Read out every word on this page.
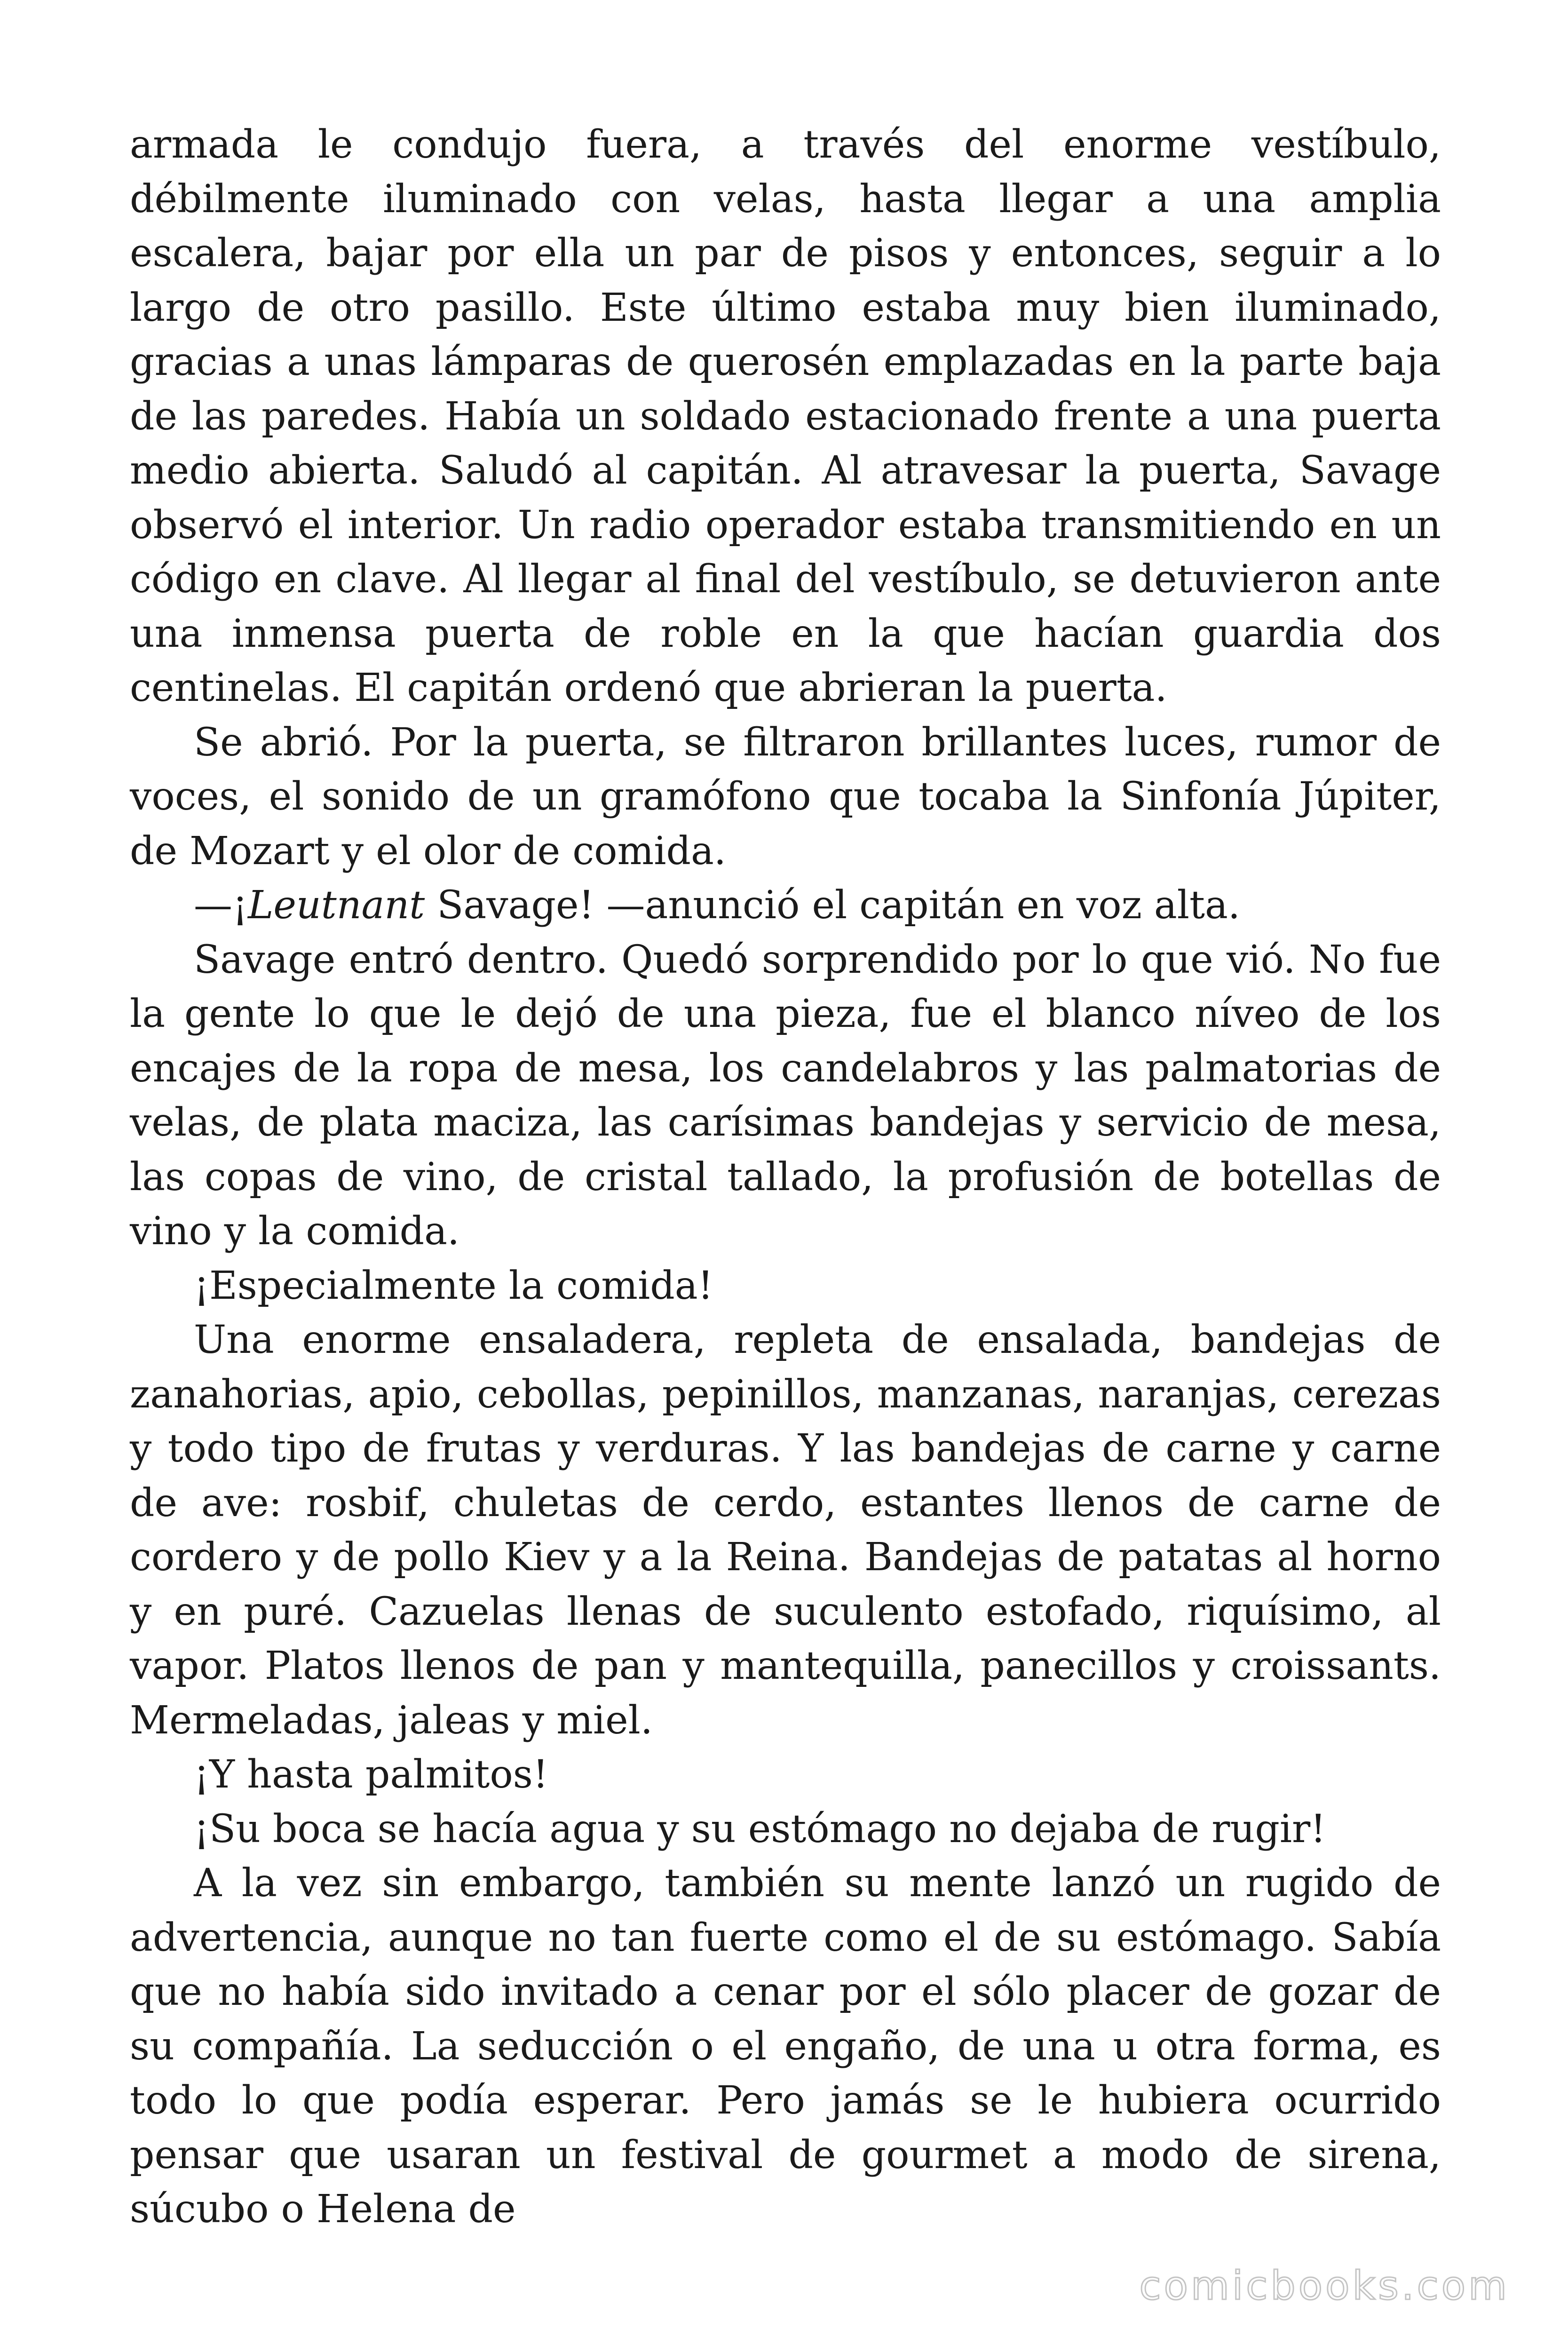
armada le condujo fuera, a través del enorme vestíbulo, débilmente iluminado con velas, hasta llegar a una amplia escalera, bajar por ella un par de pisos y entonces, seguir a lo largo de otro pasillo. Este último estaba muy bien iluminado, gracias a unas lámparas de querosén emplazadas en la parte baja de las paredes. Había un soldado estacionado frente a una puerta medio abierta. Saludó al capitán. Al atravesar la puerta, Savage observó el interior. Un radio operador estaba transmitiendo en un código en clave. Al llegar al final del vestíbulo, se detuvieron ante una inmensa puerta de roble en la que hacían guardia dos centinelas. El capitán ordenó que abrieran la puerta.

Se abrió. Por la puerta, se filtraron brillantes luces, rumor de voces, el sonido de un gramófono que tocaba la Sinfonía Júpiter, de Mozart y el olor de comida.

—¡Leutnant Savage! —anunció el capitán en voz alta.

Savage entró dentro. Quedó sorprendido por lo que vió. No fue la gente lo que le dejó de una pieza, fue el blanco níveo de los encajes de la ropa de mesa, los candelabros y las palmatorias de velas, de plata maciza, las carísimas bandejas y servicio de mesa, las copas de vino, de cristal tallado, la profusión de botellas de vino y la comida.

¡Especialmente la comida!

Una enorme ensaladera, repleta de ensalada, bandejas de zanahorias, apio, cebollas, pepinillos, manzanas, naranjas, cerezas y todo tipo de frutas y verduras. Y las bandejas de carne y carne de ave: rosbif, chuletas de cerdo, estantes llenos de carne de cordero y de pollo Kiev y a la Reina. Bandejas de patatas al horno y en puré. Cazuelas llenas de suculento estofado, riquísimo, al vapor. Platos llenos de pan y mantequilla, panecillos y croissants. Mermeladas, jaleas y miel.

¡Y hasta palmitos!

¡Su boca se hacía agua y su estómago no dejaba de rugir!

A la vez sin embargo, también su mente lanzó un rugido de advertencia, aunque no tan fuerte como el de su estómago. Sabía que no había sido invitado a cenar por el sólo placer de gozar de su compañía. La seducción o el engaño, de una u otra forma, es todo lo que podía esperar. Pero jamás se le hubiera ocurrido pensar que usaran un festival de gourmet a modo de sirena, súcubo o Helena de

comicbooks.com
